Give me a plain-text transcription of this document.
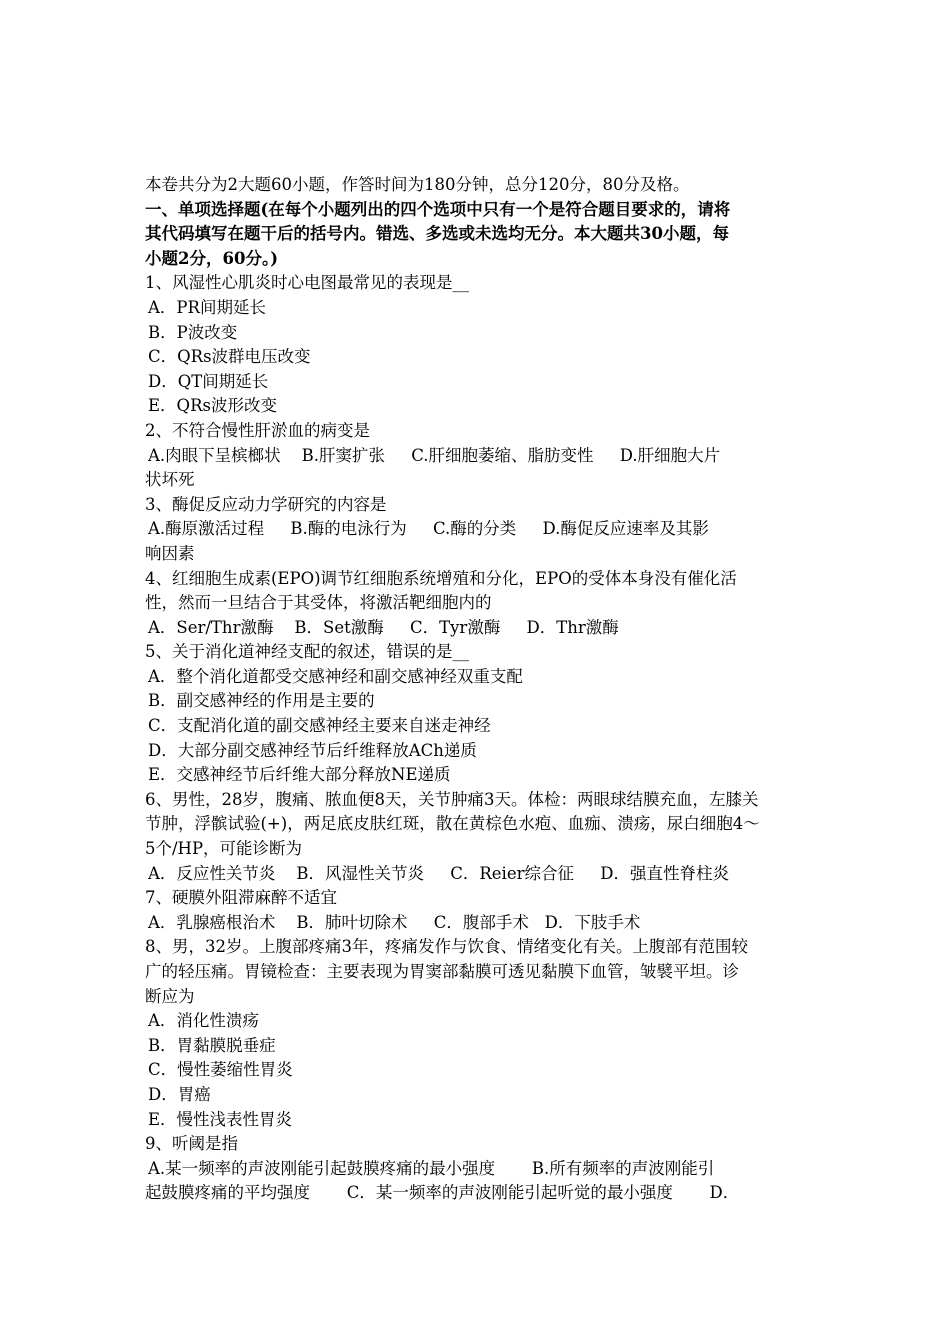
本卷共分为2大题60小题，作答时间为180分钟，总分120分，80分及格。
一、单项选择题(在每个小题列出的四个选项中只有一个是符合题目要求的，请将
其代码填写在题干后的括号内。错选、多选或未选均无分。本大题共30小题，每
小题2分，60分。)
1、风湿性心肌炎时心电图最常见的表现是__
A．PR间期延长
B．P波改变
C．QRs波群电压改变
D．QT间期延长
E．QRs波形改变
2、不符合慢性肝淤血的病变是
A.肉眼下呈槟榔状    B.肝窦扩张     C.肝细胞萎缩、脂肪变性     D.肝细胞大片
状坏死
3、酶促反应动力学研究的内容是
A.酶原激活过程     B.酶的电泳行为     C.酶的分类     D.酶促反应速率及其影
响因素
4、红细胞生成素(EPO)调节红细胞系统增殖和分化，EPO的受体本身没有催化活
性，然而一旦结合于其受体，将激活靶细胞内的
A．Ser/Thr激酶    B．Set激酶     C．Tyr激酶     D．Thr激酶
5、关于消化道神经支配的叙述，错误的是__
A．整个消化道都受交感神经和副交感神经双重支配
B．副交感神经的作用是主要的
C．支配消化道的副交感神经主要来自迷走神经
D．大部分副交感神经节后纤维释放ACh递质
E．交感神经节后纤维大部分释放NE递质
6、男性，28岁，腹痛、脓血便8天，关节肿痛3天。体检：两眼球结膜充血，左膝关
节肿，浮髌试验(+)，两足底皮肤红斑，散在黄棕色水疱、血痂、溃疡，尿白细胞4～
5个/HP，可能诊断为
A．反应性关节炎    B．风湿性关节炎     C．Reier综合征     D．强直性脊柱炎
7、硬膜外阻滞麻醉不适宜
A．乳腺癌根治术    B．肺叶切除术     C．腹部手术   D．下肢手术
8、男，32岁。上腹部疼痛3年，疼痛发作与饮食、情绪变化有关。上腹部有范围较
广的轻压痛。胃镜检查：主要表现为胃窦部黏膜可透见黏膜下血管，皱襞平坦。诊
断应为
A．消化性溃疡
B．胃黏膜脱垂症
C．慢性萎缩性胃炎
D．胃癌
E．慢性浅表性胃炎
9、听阈是指
A.某一频率的声波刚能引起鼓膜疼痛的最小强度       B.所有频率的声波刚能引
起鼓膜疼痛的平均强度       C．某一频率的声波刚能引起听觉的最小强度       D．
